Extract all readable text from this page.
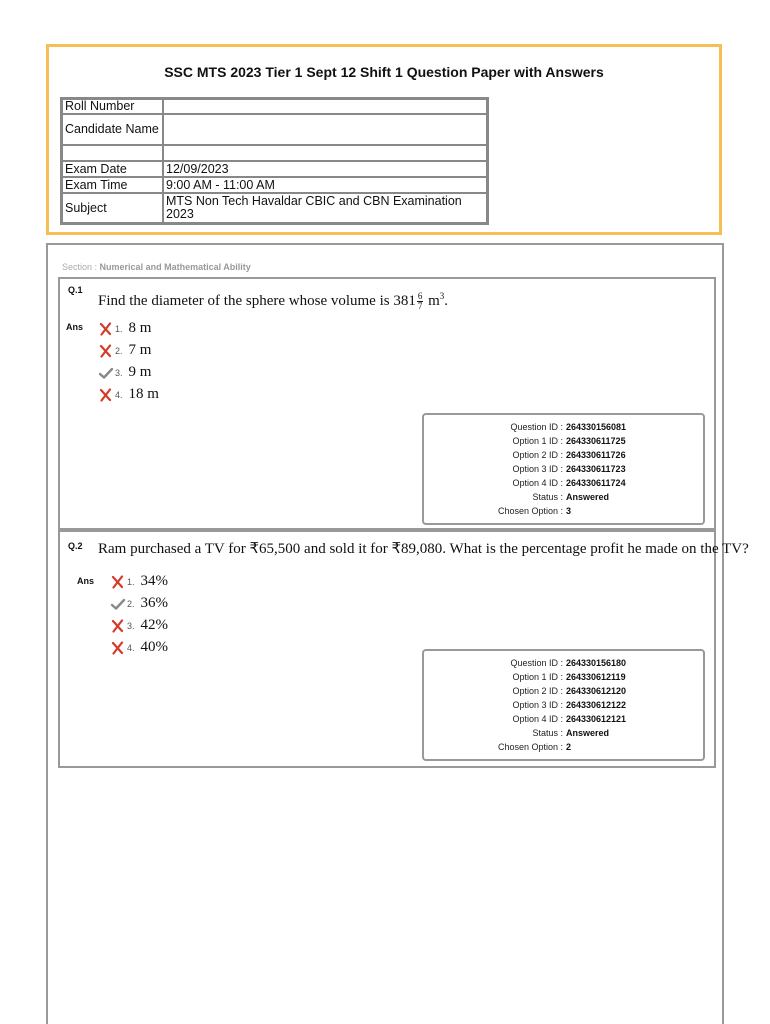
SSC MTS 2023 Tier 1 Sept 12 Shift 1 Question Paper with Answers
Roll Number	
Candidate Name	

Exam Date	12/09/2023
Exam Time	9:00 AM - 11:00 AM
Subject	MTS Non Tech Havaldar CBIC and CBN Examination 2023
Section : Numerical and Mathematical Ability
Q.1
Find the diameter of the sphere whose volume is $381 \frac{6}{7} m^3$.
Ans	1. 8 m
2. 7 m
3. 9 m
4. 18 m
Question ID : 264330156081
Option 1 ID : 264330611725
Option 2 ID : 264330611726
Option 3 ID : 264330611723
Option 4 ID : 264330611724
Status : Answered
Chosen Option : 3
Q.2 Ram purchased a TV for ₹65,500 and sold it for ₹89,080. What is the percentage profit he made on the TV?
Ans	1. 34%
2. 36%
3. 42%
4. 40%
Question ID : 264330156180
Option 1 ID : 264330612119
Option 2 ID : 264330612120
Option 3 ID : 264330612122
Option 4 ID : 264330612121
Status : Answered
Chosen Option : 2
